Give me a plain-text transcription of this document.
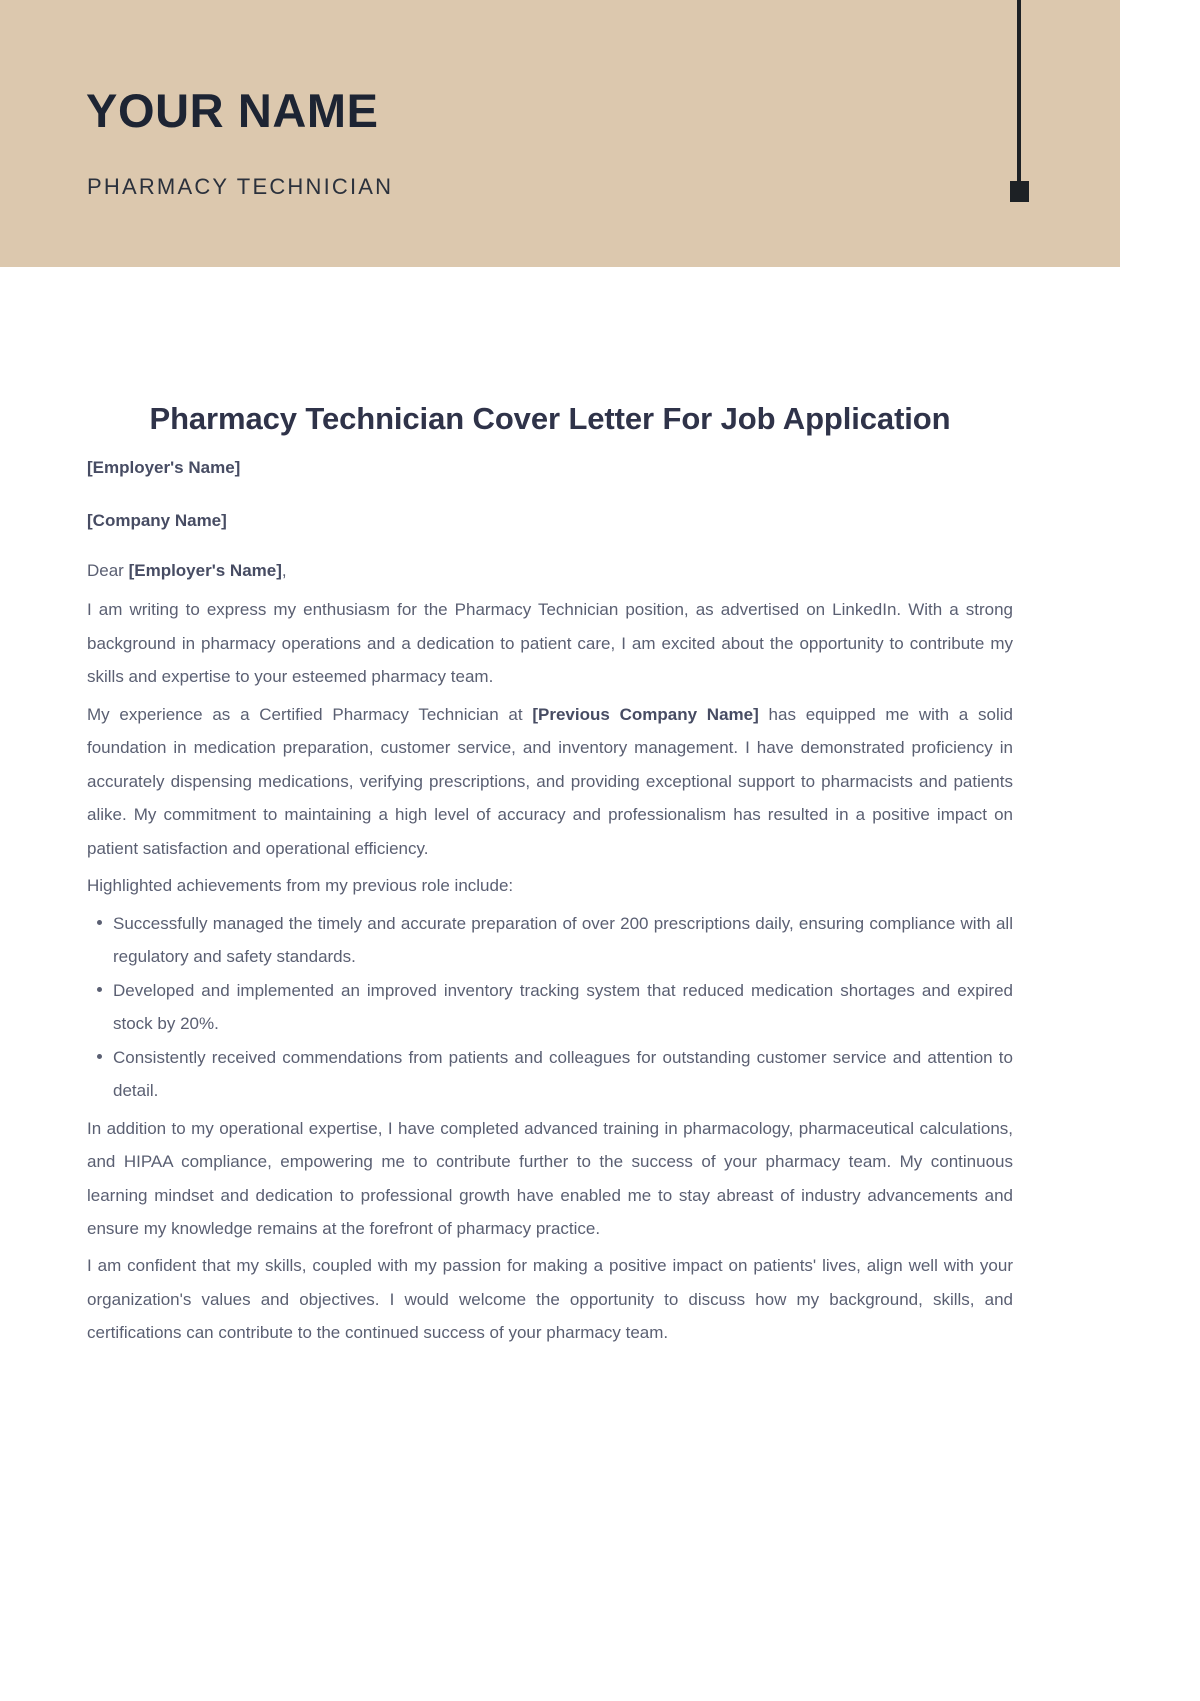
YOUR NAME
PHARMACY TECHNICIAN
Pharmacy Technician Cover Letter For Job Application
[Employer's Name]
[Company Name]
Dear [Employer's Name],

I am writing to express my enthusiasm for the Pharmacy Technician position, as advertised on LinkedIn. With a strong background in pharmacy operations and a dedication to patient care, I am excited about the opportunity to contribute my skills and expertise to your esteemed pharmacy team.

My experience as a Certified Pharmacy Technician at [Previous Company Name] has equipped me with a solid foundation in medication preparation, customer service, and inventory management. I have demonstrated proficiency in accurately dispensing medications, verifying prescriptions, and providing exceptional support to pharmacists and patients alike. My commitment to maintaining a high level of accuracy and professionalism has resulted in a positive impact on patient satisfaction and operational efficiency.

Highlighted achievements from my previous role include:

Successfully managed the timely and accurate preparation of over 200 prescriptions daily, ensuring compliance with all regulatory and safety standards.
Developed and implemented an improved inventory tracking system that reduced medication shortages and expired stock by 20%.
Consistently received commendations from patients and colleagues for outstanding customer service and attention to detail.

In addition to my operational expertise, I have completed advanced training in pharmacology, pharmaceutical calculations, and HIPAA compliance, empowering me to contribute further to the success of your pharmacy team. My continuous learning mindset and dedication to professional growth have enabled me to stay abreast of industry advancements and ensure my knowledge remains at the forefront of pharmacy practice.

I am confident that my skills, coupled with my passion for making a positive impact on patients' lives, align well with your organization's values and objectives. I would welcome the opportunity to discuss how my background, skills, and certifications can contribute to the continued success of your pharmacy team.
